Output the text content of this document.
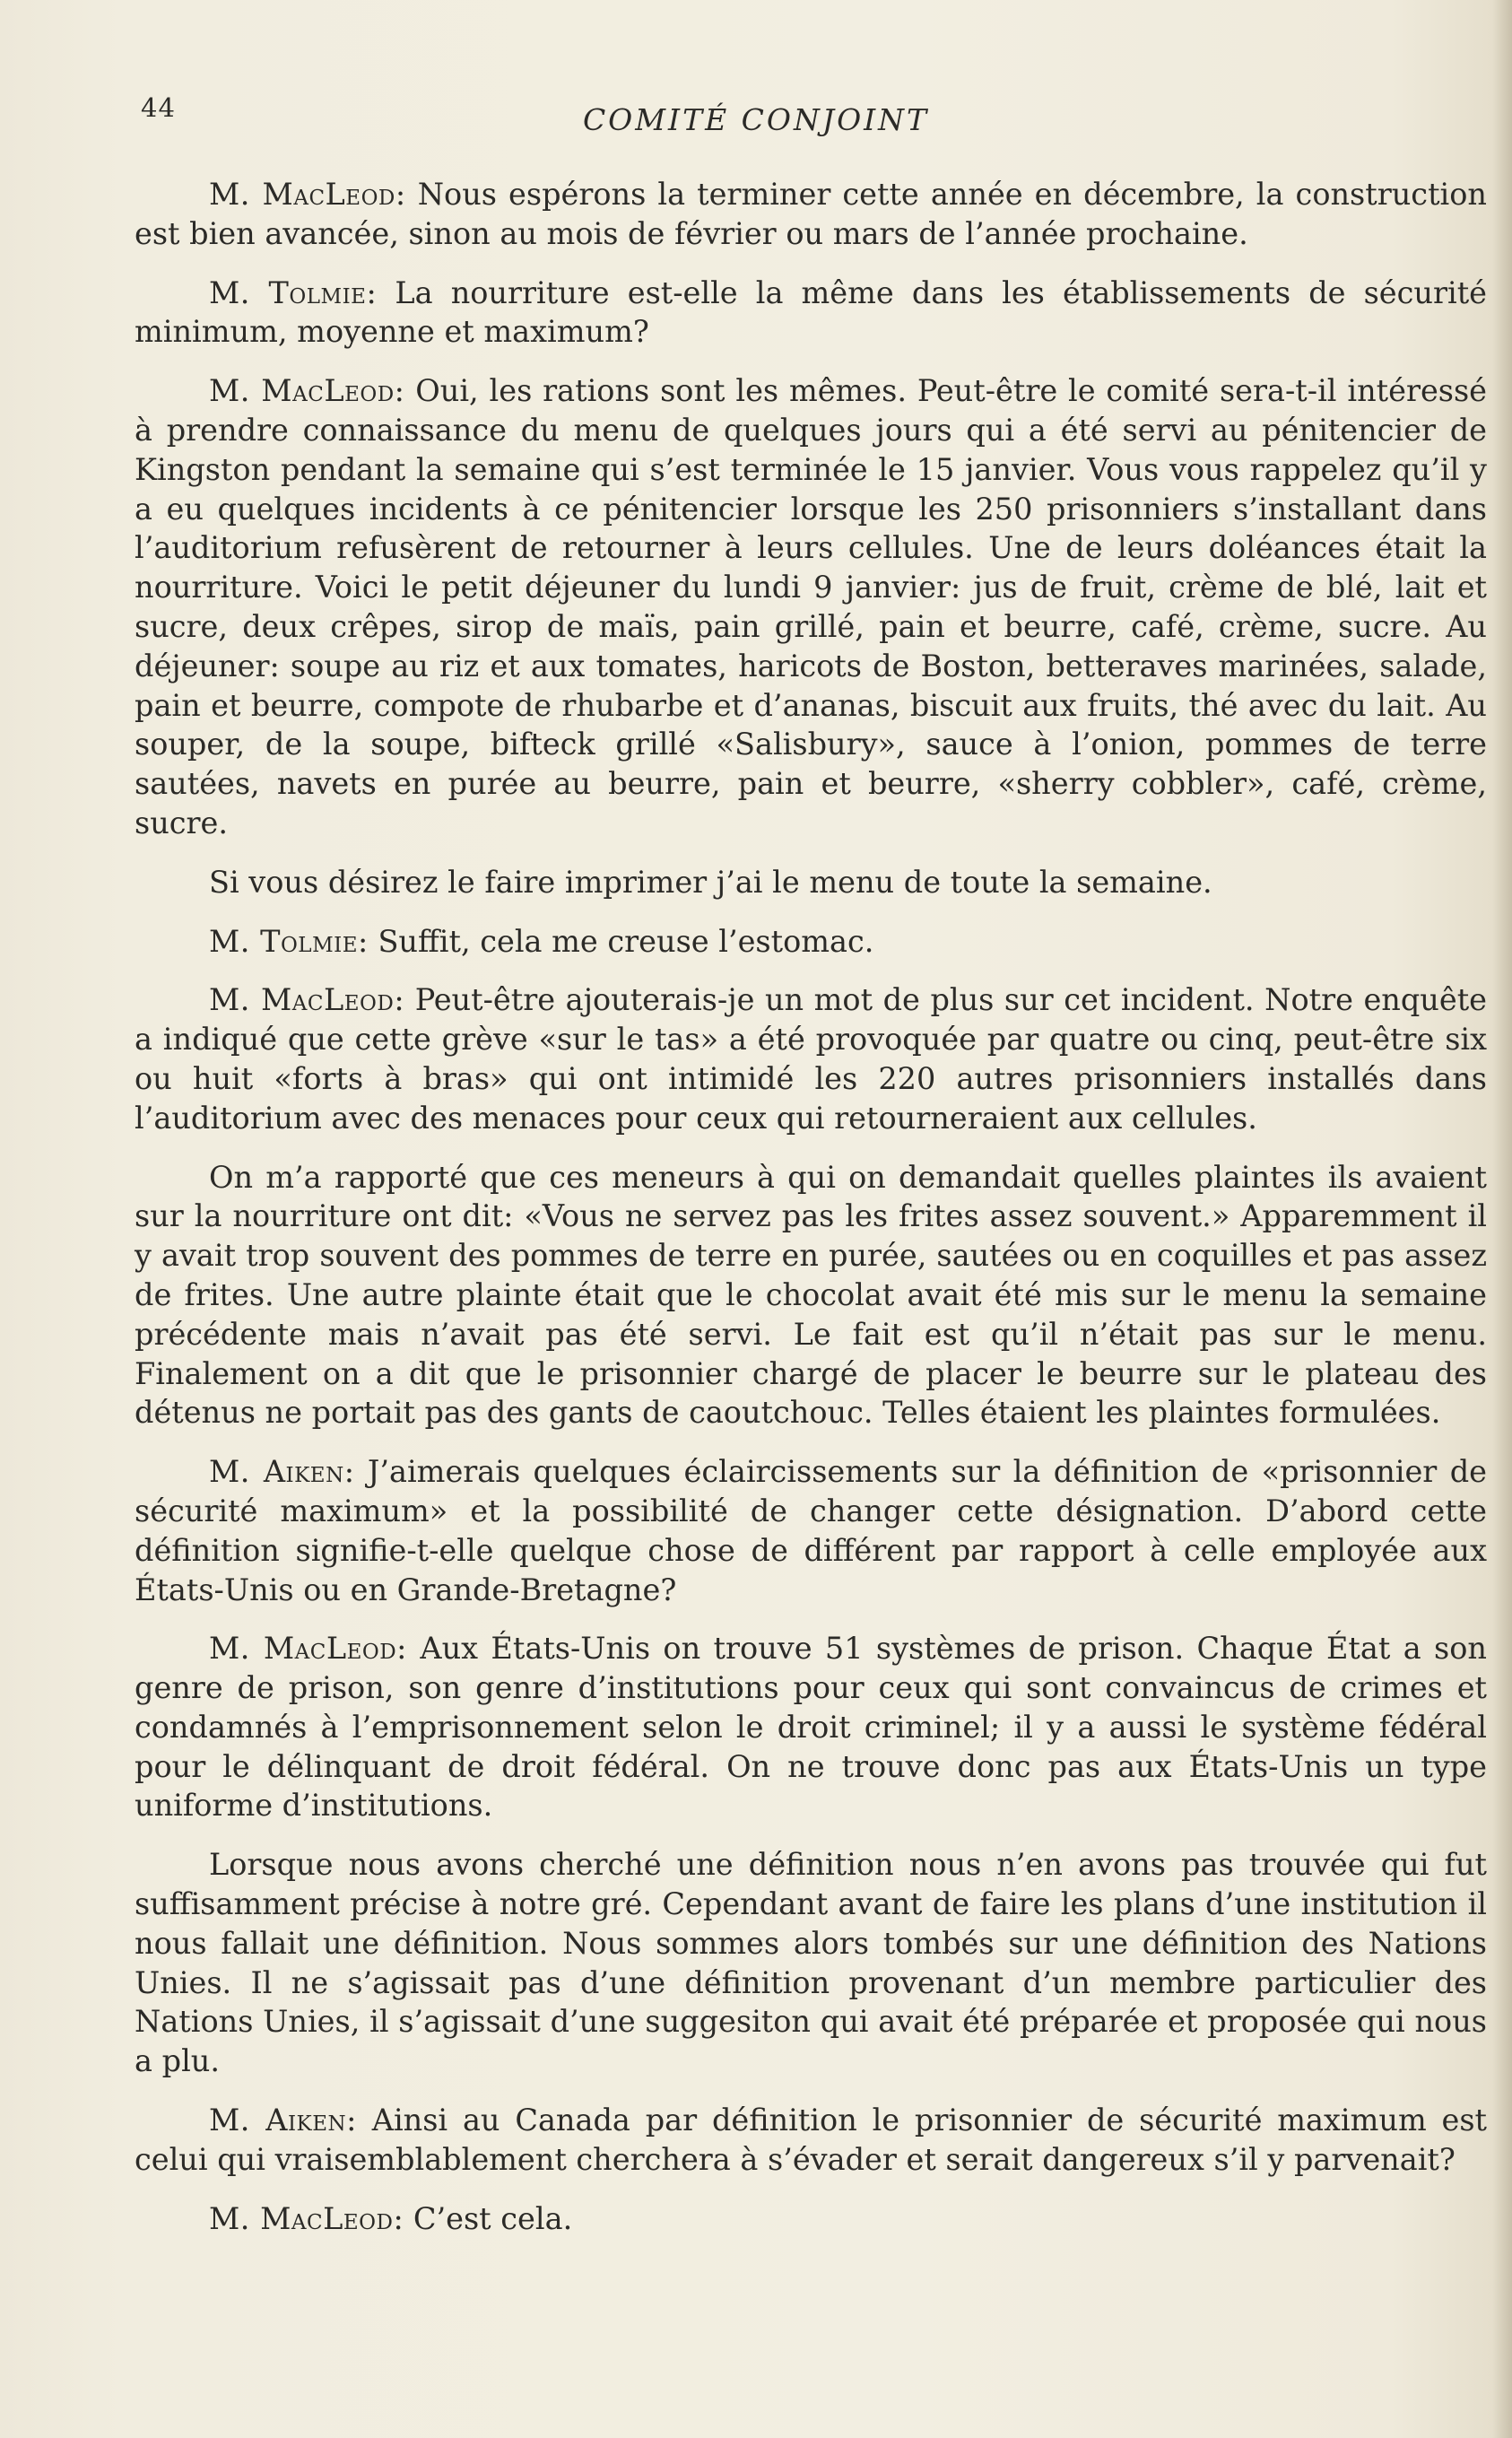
44	COMITÉ CONJOINT

M. MacLeod: Nous espérons la terminer cette année en décembre, la construction est bien avancée, sinon au mois de février ou mars de l’année prochaine.

M. Tolmie: La nourriture est-elle la même dans les établissements de sécurité minimum, moyenne et maximum?

M. MacLeod: Oui, les rations sont les mêmes. Peut-être le comité sera-t-il intéressé à prendre connaissance du menu de quelques jours qui a été servi au pénitencier de Kingston pendant la semaine qui s’est terminée le 15 janvier. Vous vous rappelez qu’il y a eu quelques incidents à ce pénitencier lorsque les 250 prisonniers s’installant dans l’auditorium refusèrent de retourner à leurs cellules. Une de leurs doléances était la nourriture. Voici le petit déjeuner du lundi 9 janvier: jus de fruit, crème de blé, lait et sucre, deux crêpes, sirop de maïs, pain grillé, pain et beurre, café, crème, sucre. Au déjeuner: soupe au riz et aux tomates, haricots de Boston, betteraves marinées, salade, pain et beurre, compote de rhubarbe et d’ananas, biscuit aux fruits, thé avec du lait. Au souper, de la soupe, bifteck grillé «Salisbury», sauce à l’onion, pommes de terre sautées, navets en purée au beurre, pain et beurre, «sherry cobbler», café, crème, sucre.

Si vous désirez le faire imprimer j’ai le menu de toute la semaine.

M. Tolmie: Suffit, cela me creuse l’estomac.

M. MacLeod: Peut-être ajouterais-je un mot de plus sur cet incident. Notre enquête a indiqué que cette grève «sur le tas» a été provoquée par quatre ou cinq, peut-être six ou huit «forts à bras» qui ont intimidé les 220 autres prisonniers installés dans l’auditorium avec des menaces pour ceux qui retourneraient aux cellules.

On m’a rapporté que ces meneurs à qui on demandait quelles plaintes ils avaient sur la nourriture ont dit: «Vous ne servez pas les frites assez souvent.» Apparemment il y avait trop souvent des pommes de terre en purée, sautées ou en coquilles et pas assez de frites. Une autre plainte était que le chocolat avait été mis sur le menu la semaine précédente mais n’avait pas été servi. Le fait est qu’il n’était pas sur le menu. Finalement on a dit que le prisonnier chargé de placer le beurre sur le plateau des détenus ne portait pas des gants de caoutchouc. Telles étaient les plaintes formulées.

M. Aiken: J’aimerais quelques éclaircissements sur la définition de «prisonnier de sécurité maximum» et la possibilité de changer cette désignation. D’abord cette définition signifie-t-elle quelque chose de différent par rapport à celle employée aux États-Unis ou en Grande-Bretagne?

M. MacLeod: Aux États-Unis on trouve 51 systèmes de prison. Chaque État a son genre de prison, son genre d’institutions pour ceux qui sont convaincus de crimes et condamnés à l’emprisonnement selon le droit criminel; il y a aussi le système fédéral pour le délinquant de droit fédéral. On ne trouve donc pas aux États-Unis un type uniforme d’institutions.

Lorsque nous avons cherché une définition nous n’en avons pas trouvée qui fut suffisamment précise à notre gré. Cependant avant de faire les plans d’une institution il nous fallait une définition. Nous sommes alors tombés sur une définition des Nations Unies. Il ne s’agissait pas d’une définition provenant d’un membre particulier des Nations Unies, il s’agissait d’une suggesiton qui avait été préparée et proposée qui nous a plu.

M. Aiken: Ainsi au Canada par définition le prisonnier de sécurité maximum est celui qui vraisemblablement cherchera à s’évader et serait dangereux s’il y parvenait?

M. MacLeod: C’est cela.
